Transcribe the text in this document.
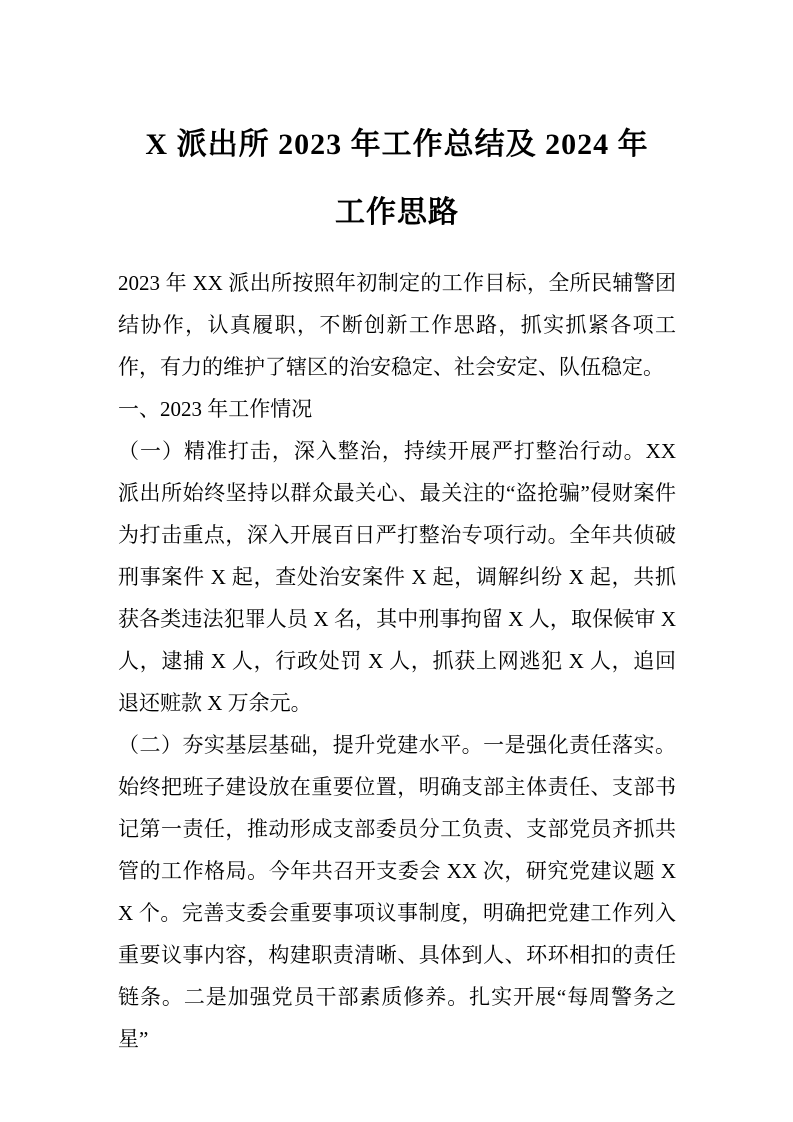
X 派出所 2023 年工作总结及 2024 年
工作思路

2023 年 XX 派出所按照年初制定的工作目标，全所民辅警团结协作，认真履职，不断创新工作思路，抓实抓紧各项工作，有力的维护了辖区的治安稳定、社会安定、队伍稳定。

一、2023 年工作情况

（一）精准打击，深入整治，持续开展严打整治行动。XX 派出所始终坚持以群众最关心、最关注的“盗抢骗”侵财案件为打击重点，深入开展百日严打整治专项行动。全年共侦破刑事案件 X 起，查处治安案件 X 起，调解纠纷 X 起，共抓获各类违法犯罪人员 X 名，其中刑事拘留 X 人，取保候审 X 人，逮捕 X 人，行政处罚 X 人，抓获上网逃犯 X 人，追回退还赃款 X 万余元。

（二）夯实基层基础，提升党建水平。一是强化责任落实。始终把班子建设放在重要位置，明确支部主体责任、支部书记第一责任，推动形成支部委员分工负责、支部党员齐抓共管的工作格局。今年共召开支委会 XX 次，研究党建议题 XX 个。完善支委会重要事项议事制度，明确把党建工作列入重要议事内容，构建职责清晰、具体到人、环环相扣的责任链条。二是加强党员干部素质修养。扎实开展“每周警务之星”
